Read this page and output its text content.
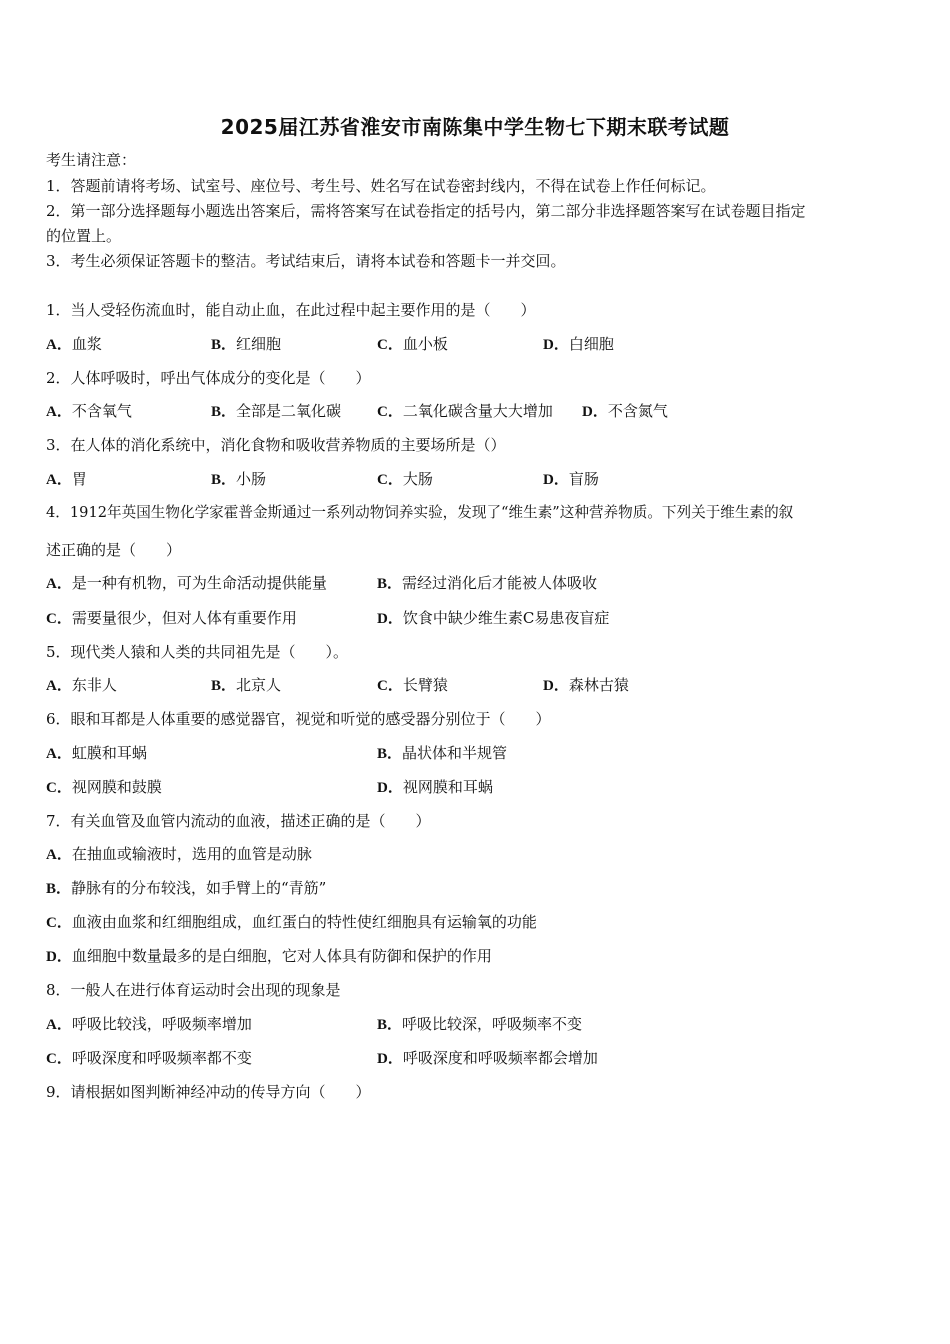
2025届江苏省淮安市南陈集中学生物七下期末联考试题
考生请注意：
1．答题前请将考场、试室号、座位号、考生号、姓名写在试卷密封线内，不得在试卷上作任何标记。
2．第一部分选择题每小题选出答案后，需将答案写在试卷指定的括号内，第二部分非选择题答案写在试卷题目指定
的位置上。
3．考生必须保证答题卡的整洁。考试结束后，请将本试卷和答题卡一并交回。
1．当人受轻伤流血时，能自动止血，在此过程中起主要作用的是（　　）
A．血浆	B．红细胞	C．血小板	D．白细胞
2．人体呼吸时，呼出气体成分的变化是（　　）
A．不含氧气	B．全部是二氧化碳 C．二氧化碳含量大大增加 D．不含氮气
3．在人体的消化系统中，消化食物和吸收营养物质的主要场所是（）
A．胃	B．小肠	C．大肠	D．盲肠
4．1912年英国生物化学家霍普金斯通过一系列动物饲养实验，发现了“维生素”这种营养物质。下列关于维生素的叙
述正确的是（　　）
A．是一种有机物，可为生命活动提供能量	B．需经过消化后才能被人体吸收
C．需要量很少，但对人体有重要作用	D．饮食中缺少维生素C易患夜盲症
5．现代类人猿和人类的共同祖先是（　　）。
A．东非人	B．北京人	C．长臂猿	D．森林古猿
6．眼和耳都是人体重要的感觉器官，视觉和听觉的感受器分别位于（　　）
A．虹膜和耳蜗	B．晶状体和半规管
C．视网膜和鼓膜	D．视网膜和耳蜗
7．有关血管及血管内流动的血液，描述正确的是（　　）
A．在抽血或输液时，选用的血管是动脉
B．静脉有的分布较浅，如手臂上的“青筋”
C．血液由血浆和红细胞组成，血红蛋白的特性使红细胞具有运输氧的功能
D．血细胞中数量最多的是白细胞，它对人体具有防御和保护的作用
8．一般人在进行体育运动时会出现的现象是
A．呼吸比较浅，呼吸频率增加	B．呼吸比较深，呼吸频率不变
C．呼吸深度和呼吸频率都不变	D．呼吸深度和呼吸频率都会增加
9．请根据如图判断神经冲动的传导方向（　　）
